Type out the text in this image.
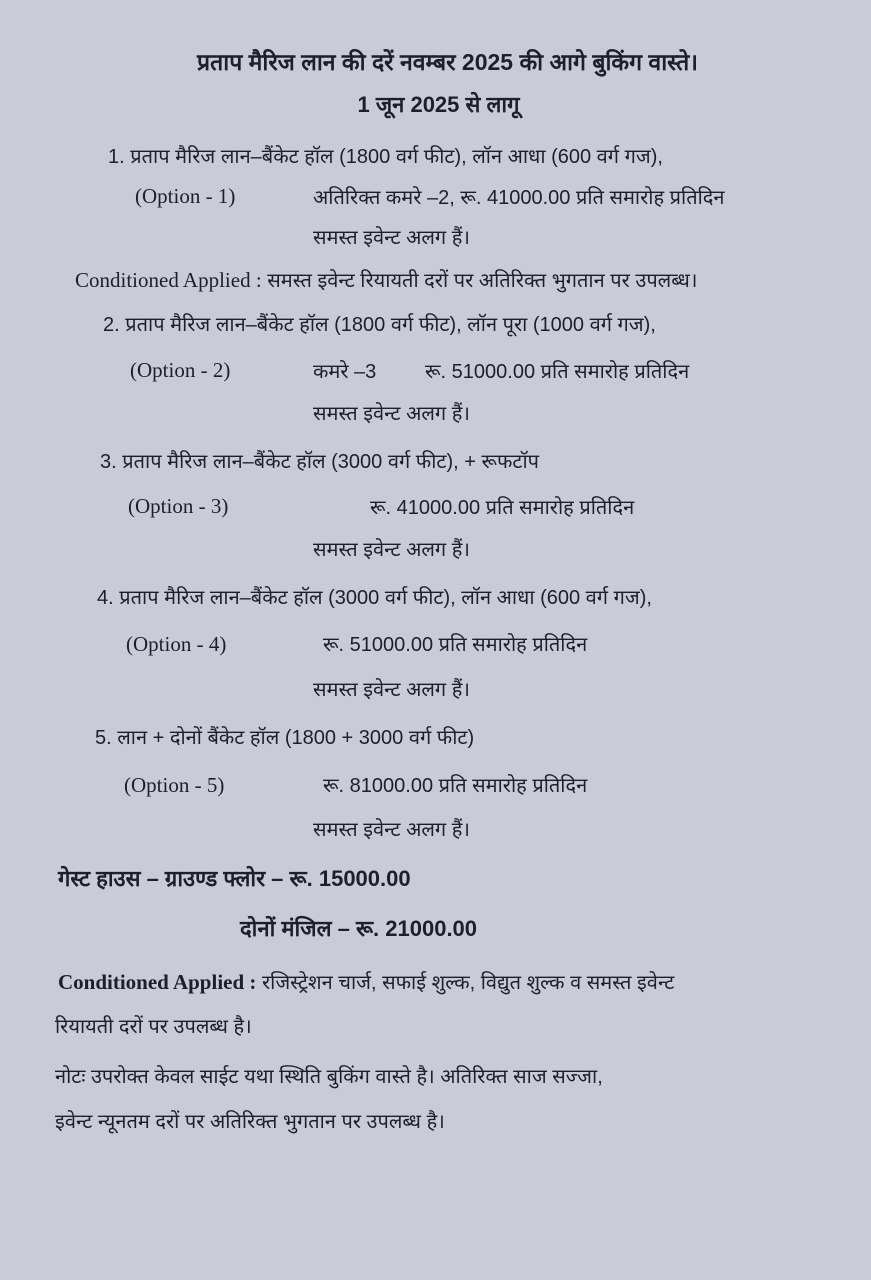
प्रताप मैरिज लान की दरें नवम्बर 2025 की आगे बुकिंग वास्ते।
1 जून 2025 से लागू
1. प्रताप मैरिज लान–बैंकेट हॉल (1800 वर्ग फीट), लॉन आधा (600 वर्ग गज),
(Option - 1)	अतिरिक्त कमरे –2, रू. 41000.00 प्रति समारोह प्रतिदिन
समस्त इवेन्ट अलग हैं।
Conditioned Applied : समस्त इवेन्ट रियायती दरों पर अतिरिक्त भुगतान पर उपलब्ध।
2. प्रताप मैरिज लान–बैंकेट हॉल (1800 वर्ग फीट), लॉन पूरा (1000 वर्ग गज),
(Option - 2)	कमरे –3 रू. 51000.00 प्रति समारोह प्रतिदिन
समस्त इवेन्ट अलग हैं।
3. प्रताप मैरिज लान–बैंकेट हॉल (3000 वर्ग फीट), + रूफटॉप
(Option - 3)	रू. 41000.00 प्रति समारोह प्रतिदिन
समस्त इवेन्ट अलग हैं।
4. प्रताप मैरिज लान–बैंकेट हॉल (3000 वर्ग फीट), लॉन आधा (600 वर्ग गज),
(Option - 4)	रू. 51000.00 प्रति समारोह प्रतिदिन
समस्त इवेन्ट अलग हैं।
5. लान + दोनों बैंकेट हॉल (1800 + 3000 वर्ग फीट)
(Option - 5)	रू. 81000.00 प्रति समारोह प्रतिदिन
समस्त इवेन्ट अलग हैं।
गेस्ट हाउस – ग्राउण्ड फ्लोर – रू. 15000.00
दोनों मंजिल – रू. 21000.00
Conditioned Applied : रजिस्ट्रेशन चार्ज, सफाई शुल्क, विद्युत शुल्क व समस्त इवेन्ट
रियायती दरों पर उपलब्ध है।
नोटः उपरोक्त केवल साईट यथा स्थिति बुकिंग वास्ते है। अतिरिक्त साज सज्जा,
इवेन्ट न्यूनतम दरों पर अतिरिक्त भुगतान पर उपलब्ध है।
